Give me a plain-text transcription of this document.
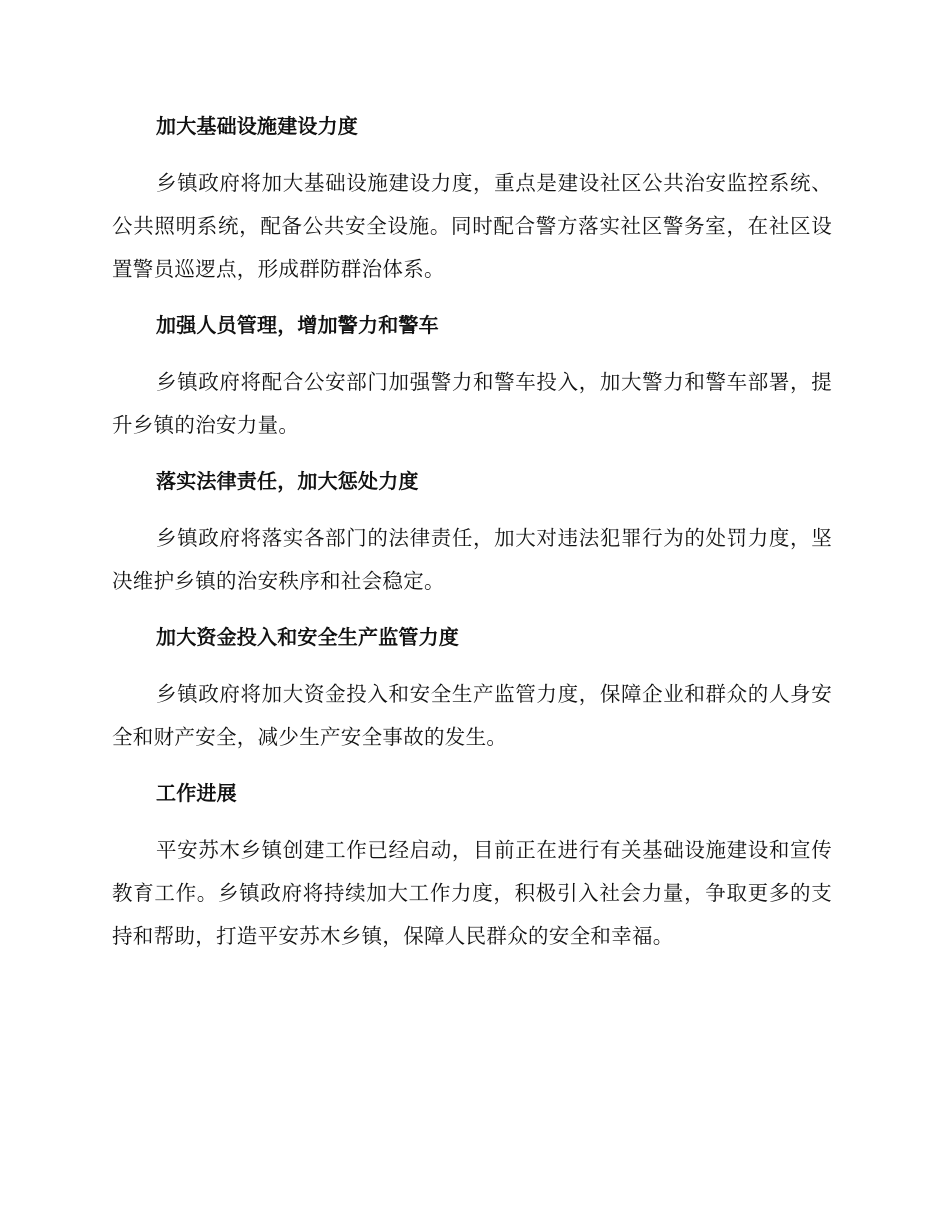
加大基础设施建设力度

乡镇政府将加大基础设施建设力度，重点是建设社区公共治安监控系统、公共照明系统，配备公共安全设施。同时配合警方落实社区警务室，在社区设置警员巡逻点，形成群防群治体系。

加强人员管理，增加警力和警车

乡镇政府将配合公安部门加强警力和警车投入，加大警力和警车部署，提升乡镇的治安力量。

落实法律责任，加大惩处力度

乡镇政府将落实各部门的法律责任，加大对违法犯罪行为的处罚力度，坚决维护乡镇的治安秩序和社会稳定。

加大资金投入和安全生产监管力度

乡镇政府将加大资金投入和安全生产监管力度，保障企业和群众的人身安全和财产安全，减少生产安全事故的发生。

工作进展

平安苏木乡镇创建工作已经启动，目前正在进行有关基础设施建设和宣传教育工作。乡镇政府将持续加大工作力度，积极引入社会力量，争取更多的支持和帮助，打造平安苏木乡镇，保障人民群众的安全和幸福。
